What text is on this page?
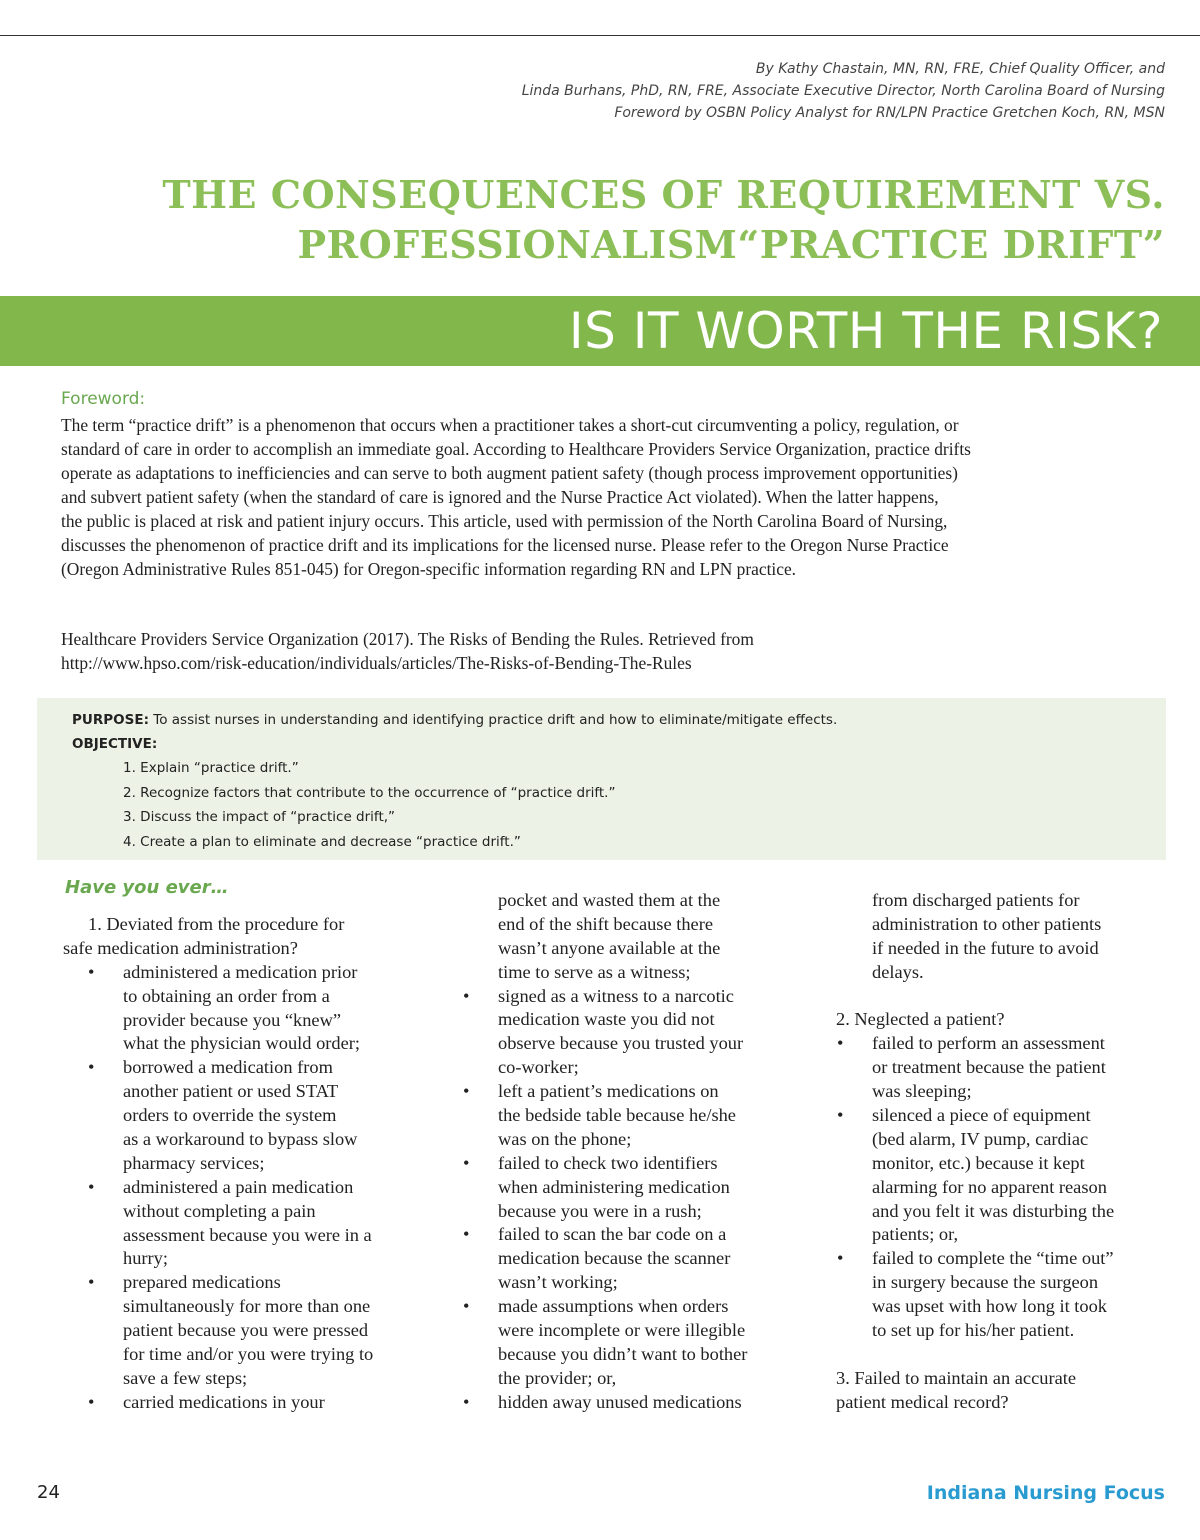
By Kathy Chastain, MN, RN, FRE, Chief Quality Officer, and
Linda Burhans, PhD, RN, FRE, Associate Executive Director, North Carolina Board of Nursing
Foreword by OSBN Policy Analyst for RN/LPN Practice Gretchen Koch, RN, MSN
THE CONSEQUENCES OF REQUIREMENT VS.
PROFESSIONALISM“PRACTICE DRIFT”
IS IT WORTH THE RISK?
Foreword:
The term “practice drift” is a phenomenon that occurs when a practitioner takes a short-cut circumventing a policy, regulation, or
standard of care in order to accomplish an immediate goal. According to Healthcare Providers Service Organization, practice drifts
operate as adaptations to inefficiencies and can serve to both augment patient safety (though process improvement opportunities)
and subvert patient safety (when the standard of care is ignored and the Nurse Practice Act violated). When the latter happens,
the public is placed at risk and patient injury occurs. This article, used with permission of the North Carolina Board of Nursing,
discusses the phenomenon of practice drift and its implications for the licensed nurse. Please refer to the Oregon Nurse Practice
(Oregon Administrative Rules 851-045) for Oregon-specific information regarding RN and LPN practice.
Healthcare Providers Service Organization (2017). The Risks of Bending the Rules. Retrieved from
http://www.hpso.com/risk-education/individuals/articles/The-Risks-of-Bending-The-Rules
PURPOSE: To assist nurses in understanding and identifying practice drift and how to eliminate/mitigate effects.
OBJECTIVE:
1. Explain “practice drift.”
2. Recognize factors that contribute to the occurrence of “practice drift.”
3. Discuss the impact of “practice drift,”
4. Create a plan to eliminate and decrease “practice drift.”
Have you ever…
1. Deviated from the procedure for
safe medication administration?
• administered a medication prior
to obtaining an order from a
provider because you “knew”
what the physician would order;
• borrowed a medication from
another patient or used STAT
orders to override the system
as a workaround to bypass slow
pharmacy services;
• administered a pain medication
without completing a pain
assessment because you were in a
hurry;
• prepared medications
simultaneously for more than one
patient because you were pressed
for time and/or you were trying to
save a few steps;
• carried medications in your
pocket and wasted them at the
end of the shift because there
wasn’t anyone available at the
time to serve as a witness;
• signed as a witness to a narcotic
medication waste you did not
observe because you trusted your
co-worker;
• left a patient’s medications on
the bedside table because he/she
was on the phone;
• failed to check two identifiers
when administering medication
because you were in a rush;
• failed to scan the bar code on a
medication because the scanner
wasn’t working;
• made assumptions when orders
were incomplete or were illegible
because you didn’t want to bother
the provider; or,
• hidden away unused medications
from discharged patients for
administration to other patients
if needed in the future to avoid
delays.
2. Neglected a patient?
• failed to perform an assessment
or treatment because the patient
was sleeping;
• silenced a piece of equipment
(bed alarm, IV pump, cardiac
monitor, etc.) because it kept
alarming for no apparent reason
and you felt it was disturbing the
patients; or,
• failed to complete the “time out”
in surgery because the surgeon
was upset with how long it took
to set up for his/her patient.
3. Failed to maintain an accurate
patient medical record?
24	Indiana Nursing Focus
